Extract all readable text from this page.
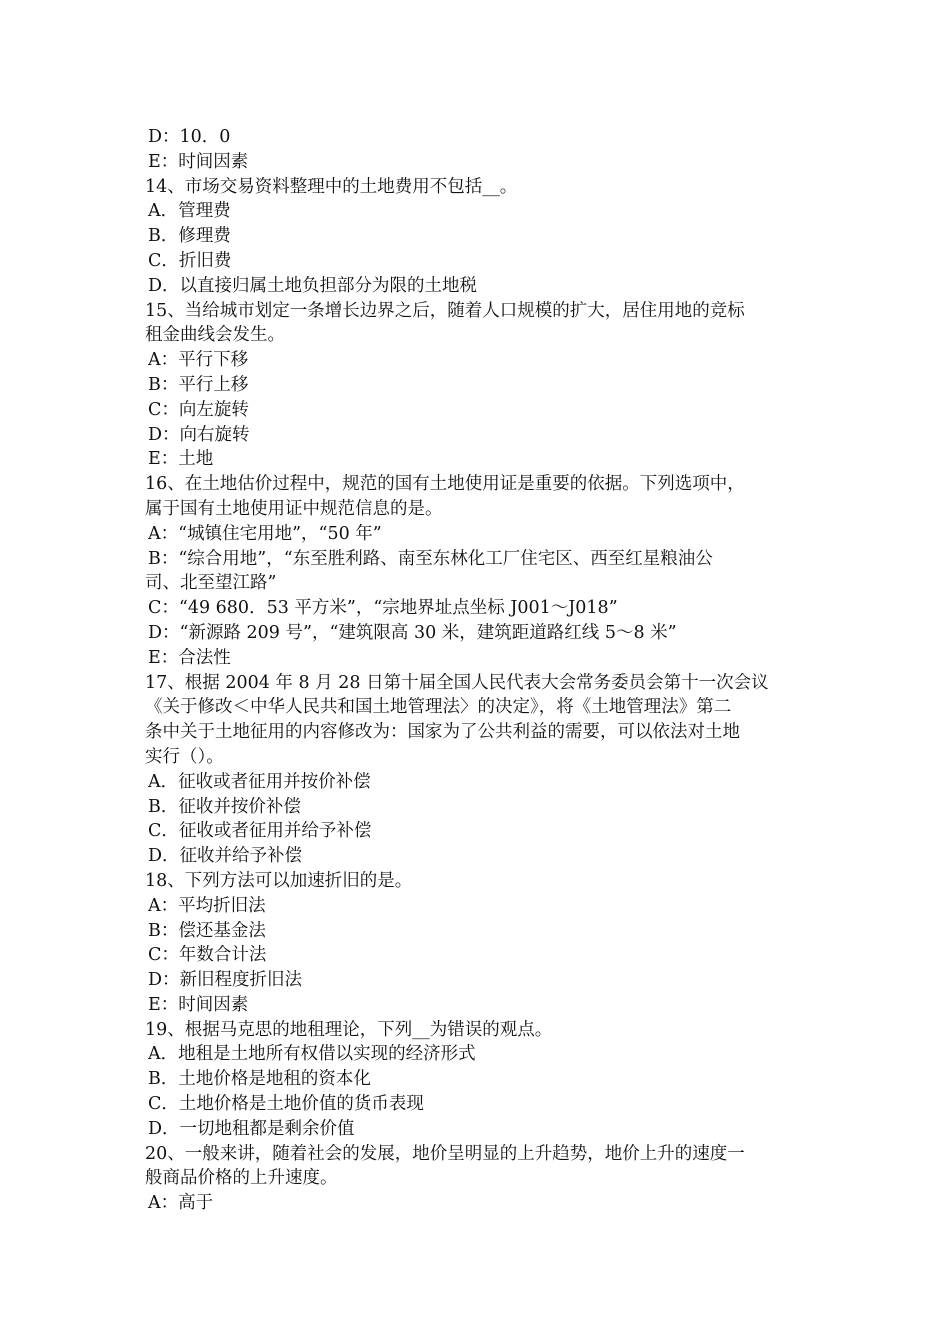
D：10．0
E：时间因素
14、市场交易资料整理中的土地费用不包括__。
A．管理费
B．修理费
C．折旧费
D．以直接归属土地负担部分为限的土地税
15、当给城市划定一条增长边界之后，随着人口规模的扩大，居住用地的竞标
租金曲线会发生。
A：平行下移
B：平行上移
C：向左旋转
D：向右旋转
E：土地
16、在土地估价过程中，规范的国有土地使用证是重要的依据。下列选项中，
属于国有土地使用证中规范信息的是。
A：“城镇住宅用地”，“50 年”
B：“综合用地”，“东至胜利路、南至东林化工厂住宅区、西至红星粮油公
司、北至望江路”
C：“49 680．53 平方米”，“宗地界址点坐标 J001～J018”
D：“新源路 209 号”，“建筑限高 30 米，建筑距道路红线 5～8 米”
E：合法性
17、根据 2004 年 8 月 28 日第十届全国人民代表大会常务委员会第十一次会议
《关于修改＜中华人民共和国土地管理法〉的决定》，将《土地管理法》第二
条中关于土地征用的内容修改为：国家为了公共利益的需要，可以依法对土地
实行（）。
A．征收或者征用并按价补偿
B．征收并按价补偿
C．征收或者征用并给予补偿
D．征收并给予补偿
18、下列方法可以加速折旧的是。
A：平均折旧法
B：偿还基金法
C：年数合计法
D：新旧程度折旧法
E：时间因素
19、根据马克思的地租理论，下列__为错误的观点。
A．地租是土地所有权借以实现的经济形式
B．土地价格是地租的资本化
C．土地价格是土地价值的货币表现
D．一切地租都是剩余价值
20、一般来讲，随着社会的发展，地价呈明显的上升趋势，地价上升的速度一
般商品价格的上升速度。
A：高于
